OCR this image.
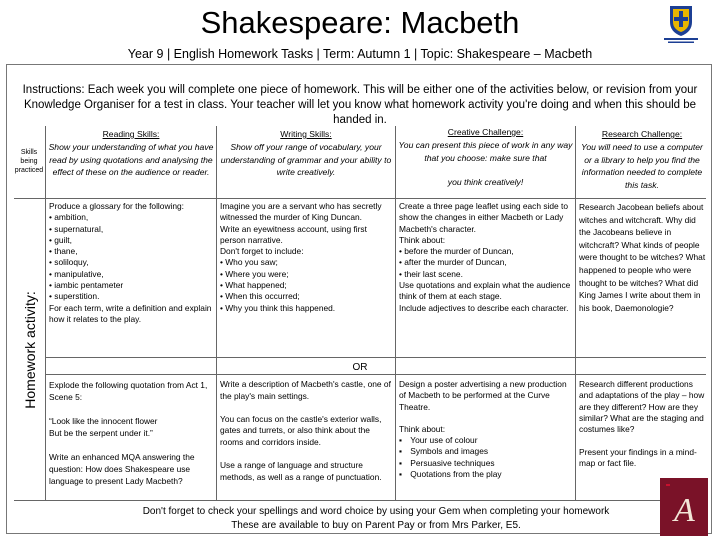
Shakespeare: Macbeth
Year 9 | English Homework Tasks | Term: Autumn 1 | Topic: Shakespeare – Macbeth
Instructions: Each week you will complete one piece of homework. This will be either one of the activities below, or revision from your Knowledge Organiser for a test in class. Your teacher will let you know what homework activity you're doing and when this should be handed in.
Skills being practiced
Homework activity:
Reading Skills:
Show your understanding of what you have read by using quotations and analysing the effect of these on the audience or reader.
Writing Skills:
Show off your range of vocabulary, your understanding of grammar and your ability to write creatively.
Creative Challenge:
You can present this piece of work in any way that you choose: make sure that
you think creatively!
Research Challenge:
You will need to use a computer or a library to help you find the information needed to complete this task.
Produce a glossary for the following:
• ambition,
• supernatural,
• guilt,
• thane,
• soliloquy,
• manipulative,
• iambic pentameter
• superstition.
For each term, write a definition and explain how it relates to the play.
Imagine you are a servant who has secretly witnessed the murder of King Duncan.
Write an eyewitness account, using first person narrative.
Don't forget to include:
• Who you saw;
• Where you were;
• What happened;
• When this occurred;
• Why you think this happened.
Create a three page leaflet using each side to show the changes in either Macbeth or Lady Macbeth's character.
Think about:
• before the murder of Duncan,
• after the murder of Duncan,
• their last scene.
Use quotations and explain what the audience think of them at each stage.
Include adjectives to describe each character.
Research Jacobean beliefs about witches and witchcraft. Why did the Jacobeans believe in witchcraft? What kinds of people were thought to be witches? What happened to people who were thought to be witches? What did King James I write about them in his book, Daemonologie?
OR
Explode the following quotation from Act 1, Scene 5:

“Look like the innocent flower
But be the serpent under it.”

Write an enhanced MQA answering the question: How does Shakespeare use language to present Lady Macbeth?
Write a description of Macbeth's castle, one of the play's main settings.

You can focus on the castle's exterior walls, gates and turrets, or also think about the rooms and corridors inside.

Use a range of language and structure methods, as well as a range of punctuation.

Design a poster advertising a new production of Macbeth to be performed at the Curve Theatre.

Think about:

▪ Your use of colour

▪ Symbols and images

▪ Persuasive techniques

▪ Quotations from the play

Research different productions and adaptations of the play – how are they different? How are they similar? What are the staging and costumes like?

Present your findings in a mind-map or fact file.
Don't forget to check your spellings and word choice by using your Gem when completing your homework
These are available to buy on Parent Pay or from Mrs Parker, E5.	A
